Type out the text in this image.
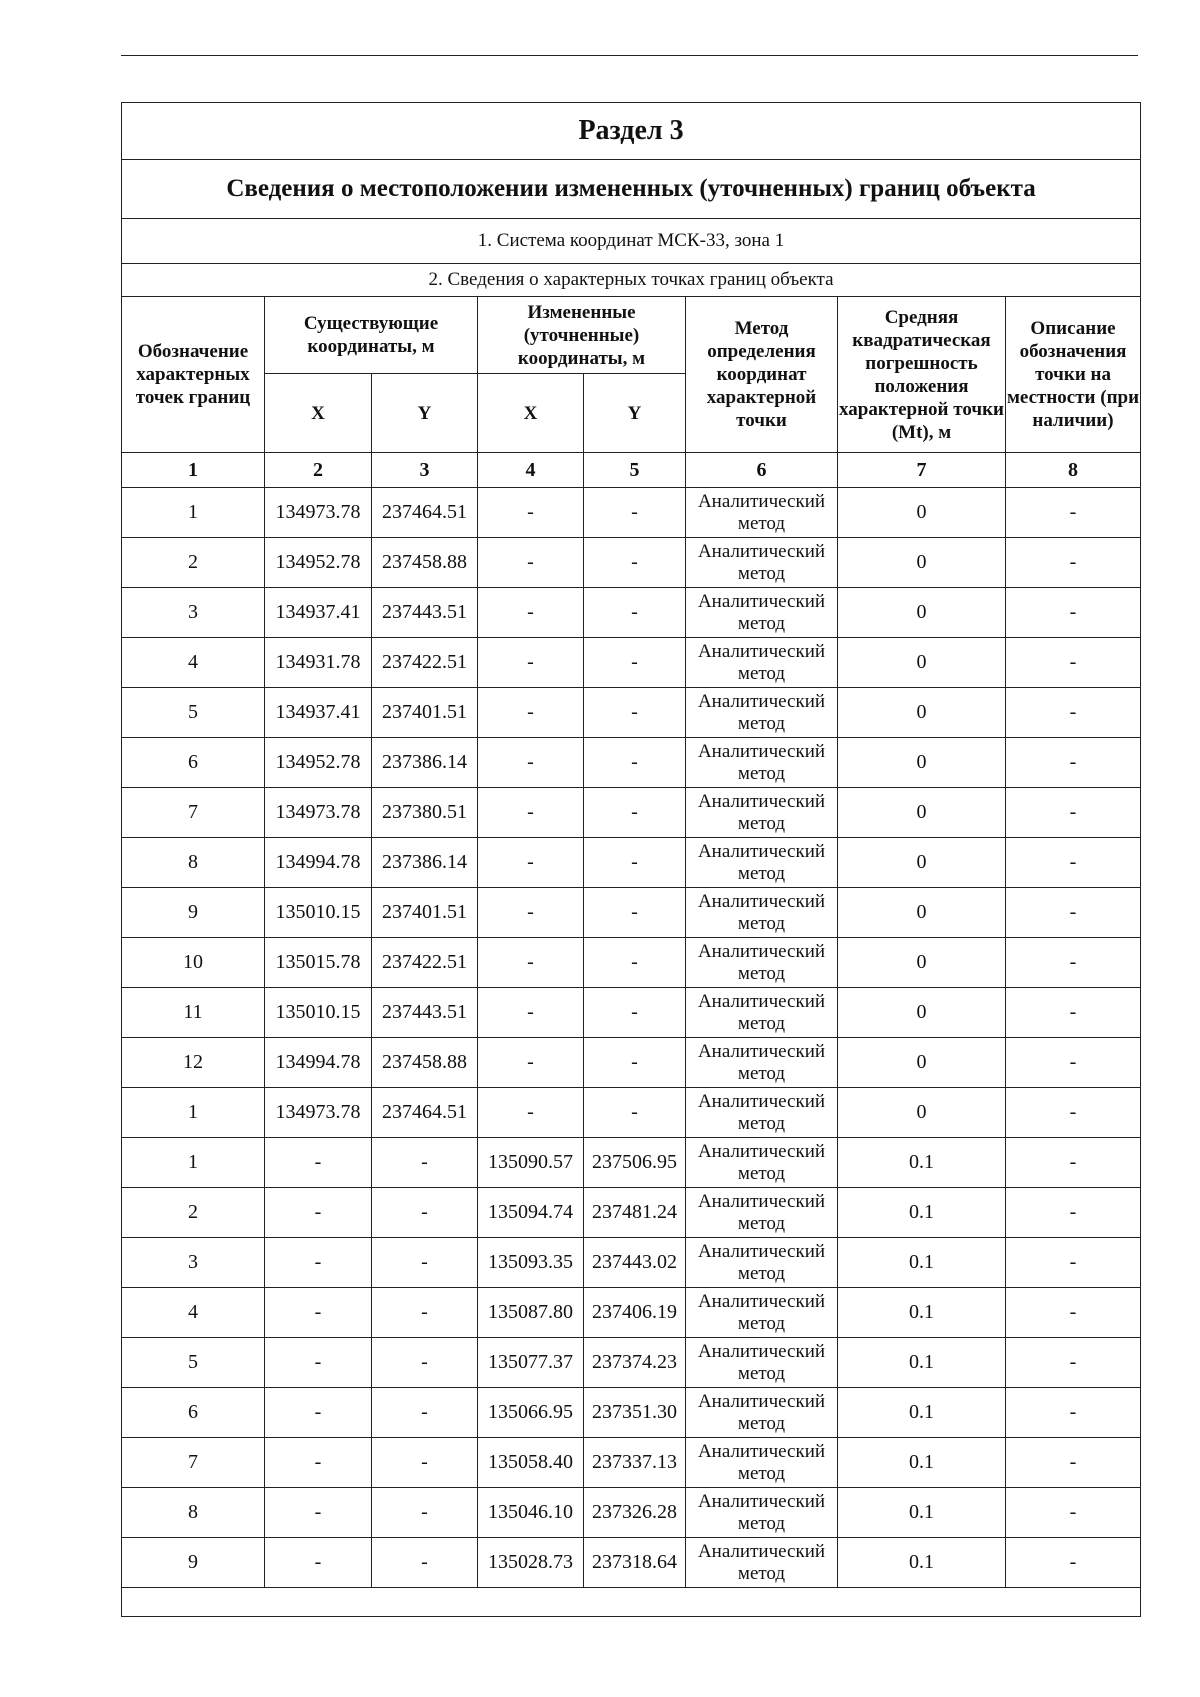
Раздел 3							
Сведения о местоположении измененных (уточненных) границ объекта							
1. Система координат МСК-33, зона 1							
2. Сведения о характерных точках границ объекта							
Обозначение характерных точек границ	Существующие координаты, м		Измененные (уточненные) координаты, м		Метод определения координат характерной точки	Средняя квадратическая погрешность положения характерной точки (Mt), м	Описание обозначения точки на местности (при наличии)
	X	Y	X	Y			
1	2	3	4	5	6	7	8
1	134973.78	237464.51	-	-	Аналитический метод	0	-
2	134952.78	237458.88	-	-	Аналитический метод	0	-
3	134937.41	237443.51	-	-	Аналитический метод	0	-
4	134931.78	237422.51	-	-	Аналитический метод	0	-
5	134937.41	237401.51	-	-	Аналитический метод	0	-
6	134952.78	237386.14	-	-	Аналитический метод	0	-
7	134973.78	237380.51	-	-	Аналитический метод	0	-
8	134994.78	237386.14	-	-	Аналитический метод	0	-
9	135010.15	237401.51	-	-	Аналитический метод	0	-
10	135015.78	237422.51	-	-	Аналитический метод	0	-
11	135010.15	237443.51	-	-	Аналитический метод	0	-
12	134994.78	237458.88	-	-	Аналитический метод	0	-
1	134973.78	237464.51	-	-	Аналитический метод	0	-
1	-	-	135090.57	237506.95	Аналитический метод	0.1	-
2	-	-	135094.74	237481.24	Аналитический метод	0.1	-
3	-	-	135093.35	237443.02	Аналитический метод	0.1	-
4	-	-	135087.80	237406.19	Аналитический метод	0.1	-
5	-	-	135077.37	237374.23	Аналитический метод	0.1	-
6	-	-	135066.95	237351.30	Аналитический метод	0.1	-
7	-	-	135058.40	237337.13	Аналитический метод	0.1	-
8	-	-	135046.10	237326.28	Аналитический метод	0.1	-
9	-	-	135028.73	237318.64	Аналитический метод	0.1	-
